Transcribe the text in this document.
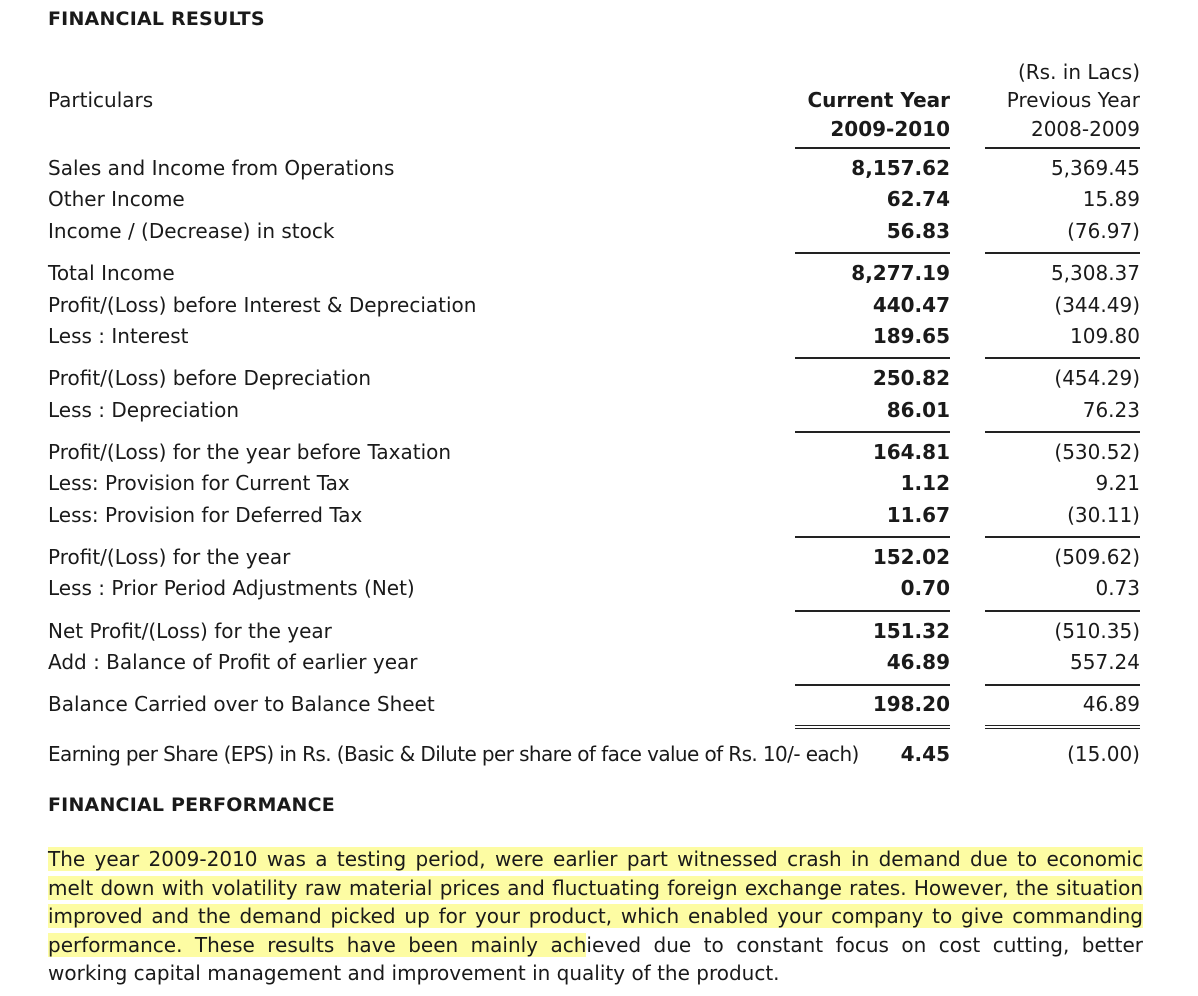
FINANCIAL RESULTS
Particulars
(Rs. in Lacs)
Current Year	Previous Year
2009-2010	2008-2009
Sales and Income from Operations	8,157.62	5,369.45
Other Income	62.74	15.89
Income / (Decrease) in stock	56.83	(76.97)
Total Income	8,277.19	5,308.37
Profit/(Loss) before Interest & Depreciation	440.47	(344.49)
Less : Interest	189.65	109.80
Profit/(Loss) before Depreciation	250.82	(454.29)
Less : Depreciation	86.01	76.23
Profit/(Loss) for the year before Taxation	164.81	(530.52)
Less: Provision for Current Tax	1.12	9.21
Less: Provision for Deferred Tax	11.67	(30.11)
Profit/(Loss) for the year	152.02	(509.62)
Less : Prior Period Adjustments (Net)	0.70	0.73
Net Profit/(Loss) for the year	151.32	(510.35)
Add : Balance of Profit of earlier year	46.89	557.24
Balance Carried over to Balance Sheet	198.20	46.89
Earning per Share (EPS) in Rs. (Basic & Dilute per share of face value of Rs. 10/- each)	4.45	(15.00)
FINANCIAL PERFORMANCE

The year 2009-2010 was a testing period, were earlier part witnessed crash in demand due to economic melt down with volatility raw material prices and fluctuating foreign exchange rates. However, the situation improved and the demand picked up for your product, which enabled your company to give commanding performance. These results have been mainly achieved due to constant focus on cost cutting, better working capital management and improvement in quality of the product.
